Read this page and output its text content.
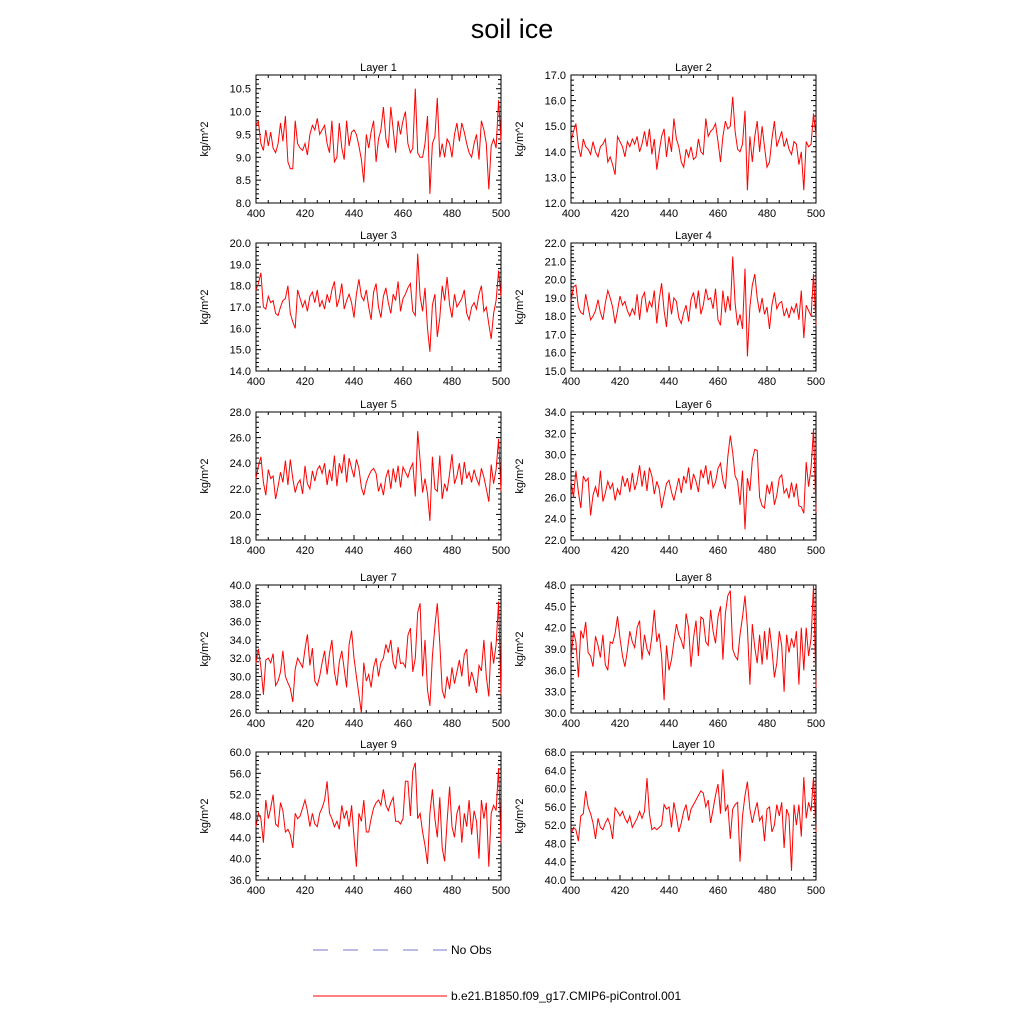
soil ice
Layer 1
kg/m^2
400	420	440	460	480	500
8.0
8.5
9.0
9.5
10.0
10.5
Layer 2
kg/m^2
400	420	440	460	480	500
12.0
13.0
14.0
15.0
16.0
17.0
Layer 3
kg/m^2
400	420	440	460	480	500
14.0
15.0
16.0
17.0
18.0
19.0
20.0
Layer 4
kg/m^2
400	420	440	460	480	500
15.0
16.0
17.0
18.0
19.0
20.0
21.0
22.0
Layer 5
kg/m^2
400	420	440	460	480	500
18.0
20.0
22.0
24.0
26.0
28.0
Layer 6
kg/m^2
400	420	440	460	480	500
22.0
24.0
26.0
28.0
30.0
32.0
34.0
Layer 7
kg/m^2
400	420	440	460	480	500
26.0
28.0
30.0
32.0
34.0
36.0
38.0
40.0
Layer 8
kg/m^2
400	420	440	460	480	500
30.0
33.0
36.0
39.0
42.0
45.0
48.0
Layer 9
kg/m^2
400	420	440	460	480	500
36.0
40.0
44.0
48.0
52.0
56.0
60.0
Layer 10
kg/m^2
400	420	440	460	480	500
40.0
44.0
48.0
52.0
56.0
60.0
64.0
68.0
No Obs
b.e21.B1850.f09_g17.CMIP6-piControl.001
